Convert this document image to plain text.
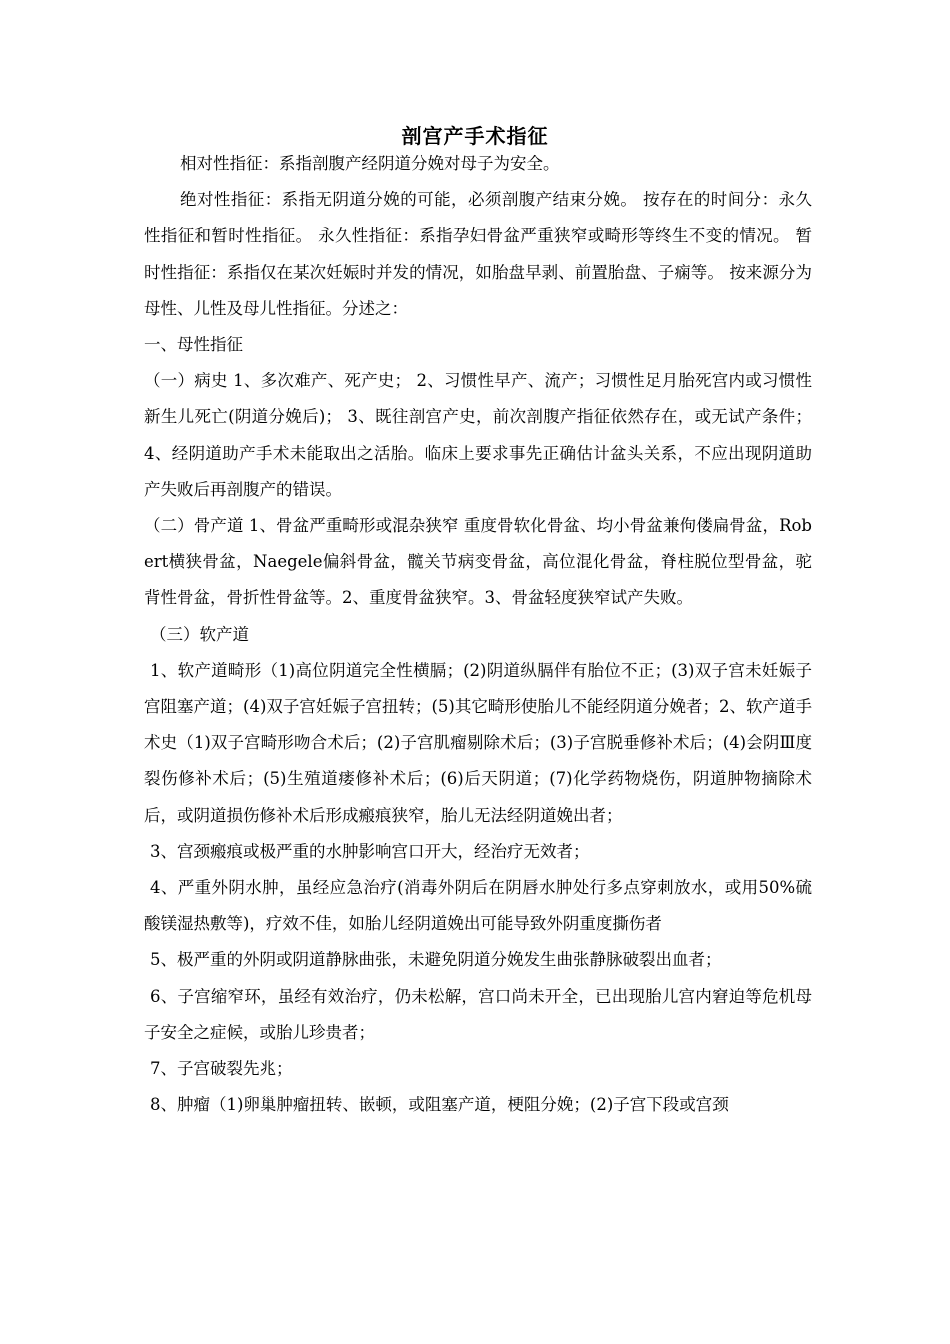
剖宫产手术指征

相对性指征：系指剖腹产经阴道分娩对母子为安全。

绝对性指征：系指无阴道分娩的可能，必须剖腹产结束分娩。 按存在的时间分：永久性指征和暂时性指征。 永久性指征：系指孕妇骨盆严重狭窄或畸形等终生不变的情况。 暂时性指征：系指仅在某次妊娠时并发的情况，如胎盘早剥、前置胎盘、子痫等。 按来源分为母性、儿性及母儿性指征。分述之：

一、母性指征

（一）病史 1、多次难产、死产史； 2、习惯性早产、流产；习惯性足月胎死宫内或习惯性新生儿死亡(阴道分娩后)； 3、既往剖宫产史，前次剖腹产指征依然存在，或无试产条件； 4、经阴道助产手术未能取出之活胎。临床上要求事先正确估计盆头关系，不应出现阴道助产失败后再剖腹产的错误。

（二）骨产道 1、骨盆严重畸形或混杂狭窄 重度骨软化骨盆、均小骨盆兼佝偻扁骨盆，Robert横狭骨盆，Naegele偏斜骨盆，髋关节病变骨盆，高位混化骨盆，脊柱脱位型骨盆，驼背性骨盆，骨折性骨盆等。2、重度骨盆狭窄。3、骨盆轻度狭窄试产失败。

（三）软产道

1、软产道畸形（1)高位阴道完全性横膈；(2)阴道纵膈伴有胎位不正；(3)双子宫未妊娠子宫阻塞产道；(4)双子宫妊娠子宫扭转；(5)其它畸形使胎儿不能经阴道分娩者；2、软产道手术史（1)双子宫畸形吻合术后；(2)子宫肌瘤剔除术后；(3)子宫脱垂修补术后；(4)会阴Ⅲ度裂伤修补术后；(5)生殖道瘘修补术后；(6)后天阴道；(7)化学药物烧伤，阴道肿物摘除术后，或阴道损伤修补术后形成瘢痕狭窄，胎儿无法经阴道娩出者；

3、宫颈瘢痕或极严重的水肿影响宫口开大，经治疗无效者；

4、严重外阴水肿，虽经应急治疗(消毒外阴后在阴唇水肿处行多点穿刺放水，或用50%硫酸镁湿热敷等)，疗效不佳，如胎儿经阴道娩出可能导致外阴重度撕伤者

5、极严重的外阴或阴道静脉曲张，未避免阴道分娩发生曲张静脉破裂出血者；

6、子宫缩窄环，虽经有效治疗，仍未松解，宫口尚未开全，已出现胎儿宫内窘迫等危机母子安全之症候，或胎儿珍贵者；

7、子宫破裂先兆；

8、肿瘤（1)卵巢肿瘤扭转、嵌顿，或阻塞产道，梗阻分娩；(2)子宫下段或宫颈
